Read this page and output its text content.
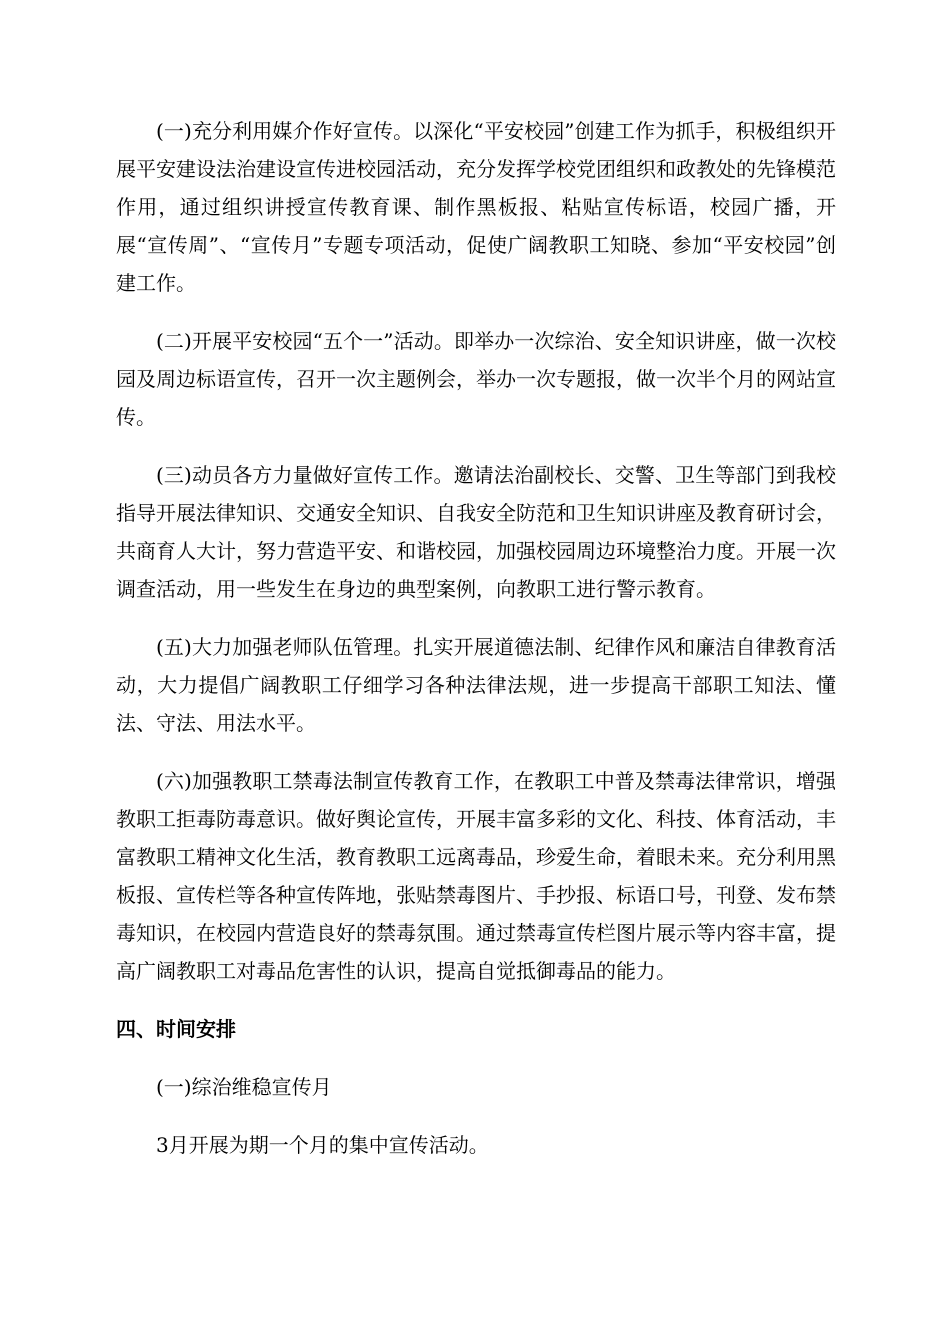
(一)充分利用媒介作好宣传。以深化“平安校园”创建工作为抓手，积极组织开展平安建设法治建设宣传进校园活动，充分发挥学校党团组织和政教处的先锋模范作用，通过组织讲授宣传教育课、制作黑板报、粘贴宣传标语，校园广播，开展“宣传周”、“宣传月”专题专项活动，促使广阔教职工知晓、参加“平安校园”创建工作。

(二)开展平安校园“五个一”活动。即举办一次综治、安全知识讲座，做一次校园及周边标语宣传，召开一次主题例会，举办一次专题报，做一次半个月的网站宣传。

(三)动员各方力量做好宣传工作。邀请法治副校长、交警、卫生等部门到我校指导开展法律知识、交通安全知识、自我安全防范和卫生知识讲座及教育研讨会，共商育人大计，努力营造平安、和谐校园，加强校园周边环境整治力度。开展一次调查活动，用一些发生在身边的典型案例，向教职工进行警示教育。

(五)大力加强老师队伍管理。扎实开展道德法制、纪律作风和廉洁自律教育活动，大力提倡广阔教职工仔细学习各种法律法规，进一步提高干部职工知法、懂法、守法、用法水平。

(六)加强教职工禁毒法制宣传教育工作，在教职工中普及禁毒法律常识，增强教职工拒毒防毒意识。做好舆论宣传，开展丰富多彩的文化、科技、体育活动，丰富教职工精神文化生活，教育教职工远离毒品，珍爱生命，着眼未来。充分利用黑板报、宣传栏等各种宣传阵地，张贴禁毒图片、手抄报、标语口号，刊登、发布禁毒知识，在校园内营造良好的禁毒氛围。通过禁毒宣传栏图片展示等内容丰富，提高广阔教职工对毒品危害性的认识，提高自觉抵御毒品的能力。

四、时间安排

(一)综治维稳宣传月

3月开展为期一个月的集中宣传活动。
